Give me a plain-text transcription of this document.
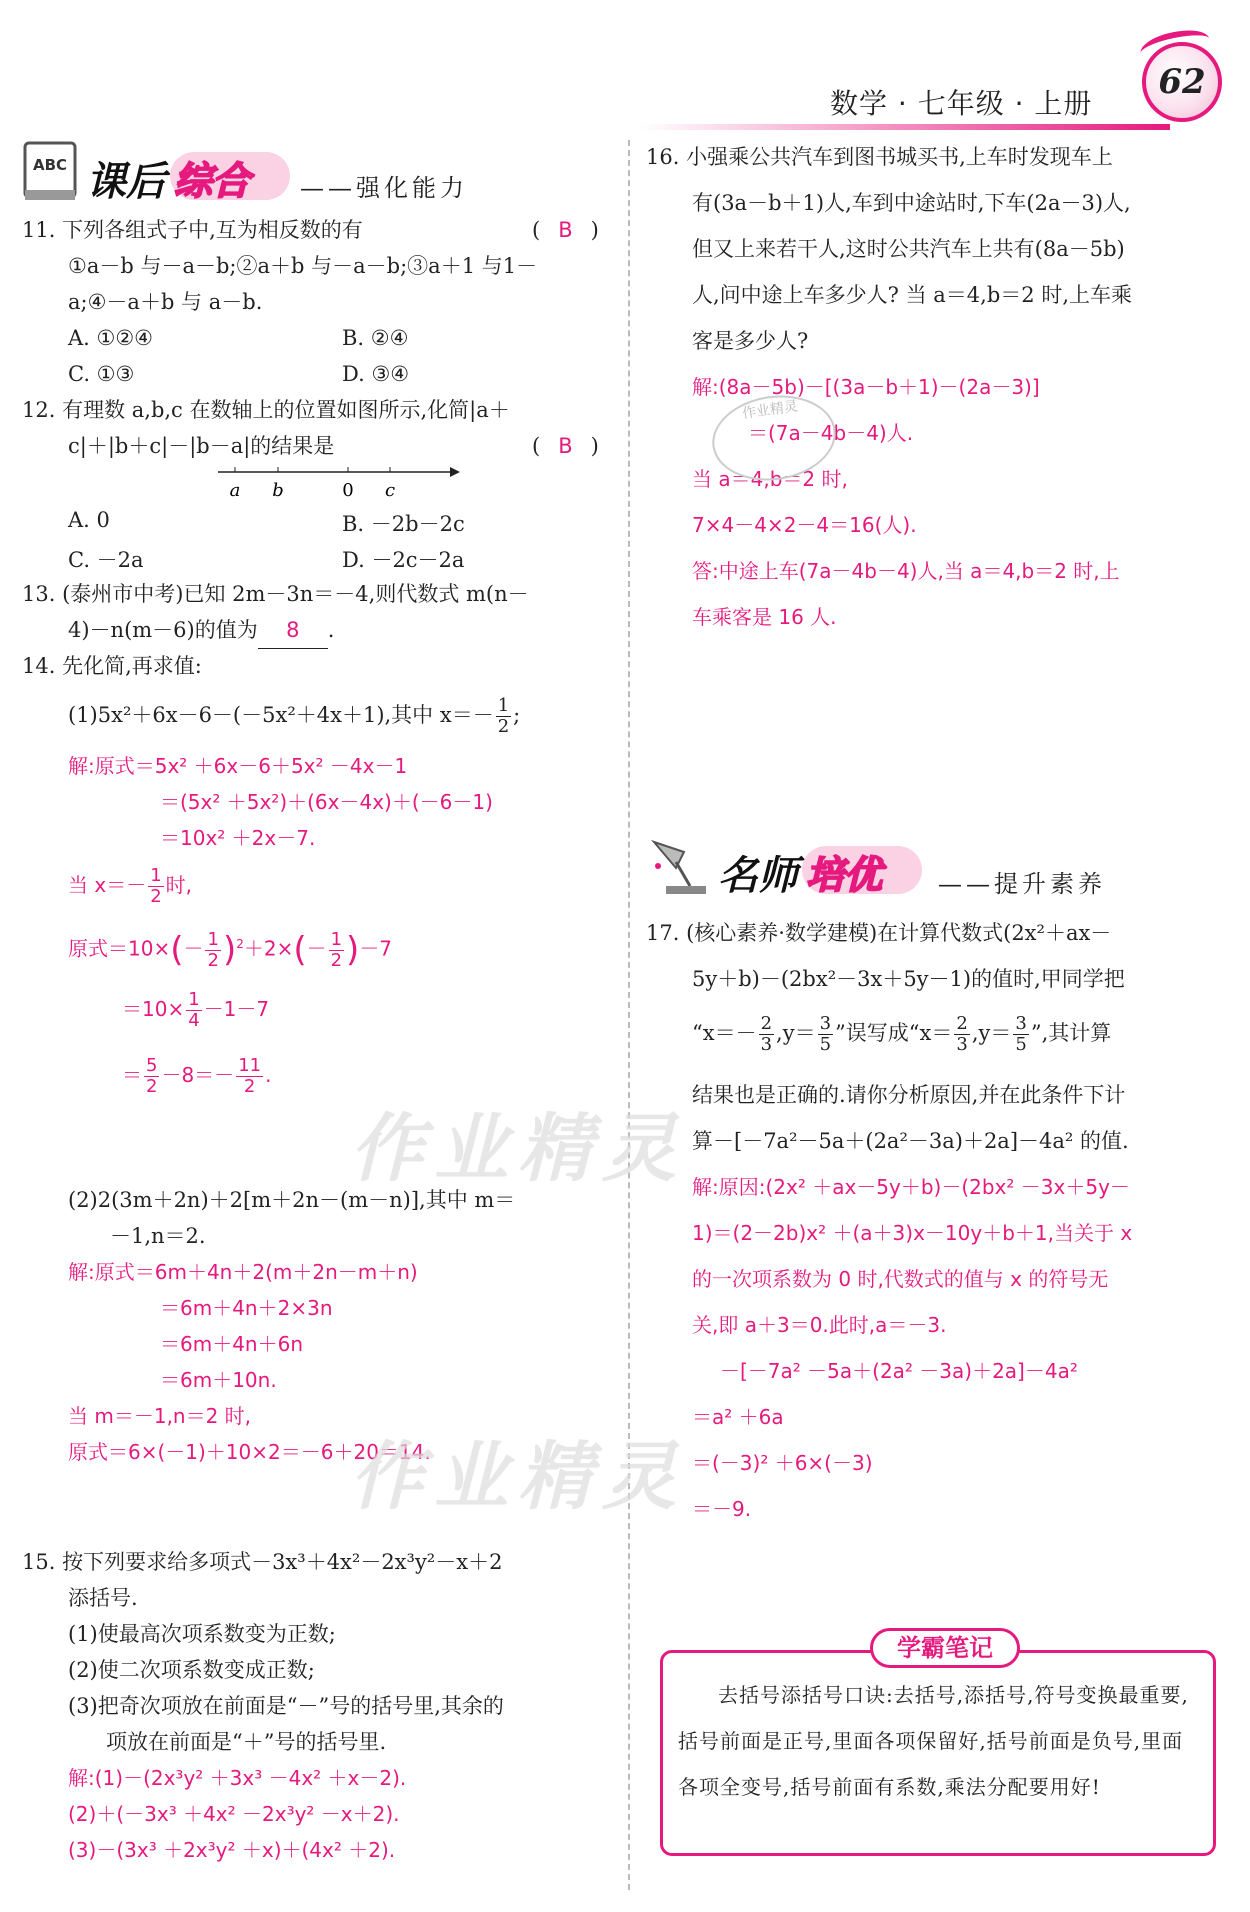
数学 · 七年级 · 上册
62
ABC 课后 综合 ——强化能力
名师 培优 ——提升素养
11. 下列各组式子中,互为相反数的有	( B )
①a－b 与－a－b;②a＋b 与－a－b;③a＋1 与1－
a;④－a＋b 与 a－b.
A. ①②④	B. ②④
C. ①③	D. ③④
12. 有理数 a,b,c 在数轴上的位置如图所示,化简|a＋
c|＋|b＋c|－|b－a|的结果是	( B )
a b	0 c
A. 0	B. －2b－2c
C. －2a	D. －2c－2a
13. (泰州市中考)已知 2m－3n＝－4,则代数式 m(n－
4)－n(m－6)的值为 8 .
14. 先化简,再求值:
(1)5x²＋6x－6－(－5x²＋4x＋1),其中 $x=- \frac{1}{2}$ ;
解:原式＝5x² ＋6x－6＋5x² －4x－1
＝(5x² ＋5x²)＋(6x－4x)＋(－6－1)
＝10x² ＋2x－7.
当 $x=- \frac{1}{2}$ 时,
原式$=10\times(- \frac{1}{2} )^2+2\times(- \frac{1}{2} )-7$
$=10\times \frac{1}{4} -1-7$
＝ $\frac{5}{2} -8=- \frac{11}{2}$ .
作业精灵
(2)2(3m＋2n)＋2[m＋2n－(m－n)],其中 m＝
－1,n＝2.
解:原式＝6m＋4n＋2(m＋2n－m＋n)
＝6m＋4n＋2×3n
＝6m＋4n＋6n
＝6m＋10n.
当 m＝－1,n＝2 时,
原式＝6×(－1)＋10×2＝－6＋20＝14.
作业精灵
15. 按下列要求给多项式－3x³＋4x²－2x³y²－x＋2
添括号.
(1)使最高次项系数变为正数;
(2)使二次项系数变成正数;
(3)把奇次项放在前面是“－”号的括号里,其余的
项放在前面是“＋”号的括号里.
解:(1)－(2x³y² ＋3x³ －4x² ＋x－2).
(2)＋(－3x³ ＋4x² －2x³y² －x＋2).
(3)－(3x³ ＋2x³y² ＋x)＋(4x² ＋2).
16. 小强乘公共汽车到图书城买书,上车时发现车上
有(3a－b＋1)人,车到中途站时,下车(2a－3)人,
但又上来若干人,这时公共汽车上共有(8a－5b)
人,问中途上车多少人? 当 a＝4,b＝2 时,上车乘
客是多少人?
解:(8a－5b)－[(3a－b＋1)－(2a－3)]
＝(7a－4b－4)人.
当 a＝4,b＝2 时,
7×4－4×2－4＝16(人).
答:中途上车(7a－4b－4)人,当 a＝4,b＝2 时,上
车乘客是 16 人.
作业精灵
17. (核心素养·数学建模)在计算代数式(2x²＋ax－
5y＋b)－(2bx²－3x＋5y－1)的值时,甲同学把
“$x=- \frac{2}{3} ,y= \frac{3}{5}$ ”误写成“$x= \frac{2}{3} ,y= \frac{3}{5}$ ”,其计算
结果也是正确的.请你分析原因,并在此条件下计
算－[－7a²－5a＋(2a²－3a)＋2a]－4a² 的值.
解:原因:(2x² ＋ax－5y＋b)－(2bx² －3x＋5y－
1)＝(2－2b)x² ＋(a＋3)x－10y＋b＋1,当关于 x
的一次项系数为 0 时,代数式的值与 x 的符号无
关,即 a＋3＝0.此时,a＝－3.
－[－7a² －5a＋(2a² －3a)＋2a]－4a²
＝a² ＋6a
＝(－3)² ＋6×(－3)
＝－9.
学霸笔记
去括号添括号口诀:去括号,添括号,符号变换最重要,括号前面是正号,里面各项保留好,括号前面是负号,里面各项全变号,括号前面有系数,乘法分配要用好!
